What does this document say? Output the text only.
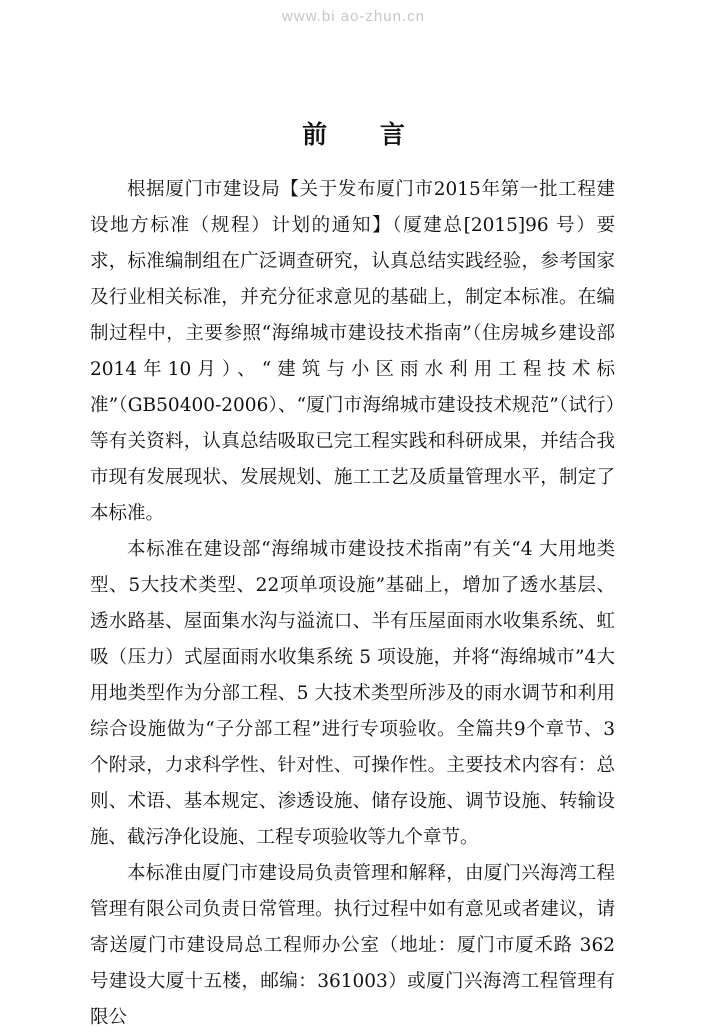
www.bi ao-zhun.cn
前 言

根据厦门市建设局【关于发布厦门市2015年第一批工程建设地方标准（规程）计划的通知】（厦建总[2015]96 号）要求，标准编制组在广泛调查研究，认真总结实践经验，参考国家及行业相关标准，并充分征求意见的基础上，制定本标准。在编制过程中，主要参照“海绵城市建设技术指南”（住房城乡建设部 2014年10月）、“建筑与小区雨水利用工程技术标准”（GB50400-2006）、“厦门市海绵城市建设技术规范”（试行）等有关资料，认真总结吸取已完工程实践和科研成果，并结合我市现有发展现状、发展规划、施工工艺及质量管理水平，制定了本标准。

本标准在建设部“海绵城市建设技术指南”有关“4 大用地类型、5大技术类型、22项单项设施”基础上，增加了透水基层、透水路基、屋面集水沟与溢流口、半有压屋面雨水收集系统、虹吸（压力）式屋面雨水收集系统 5 项设施，并将“海绵城市”4大用地类型作为分部工程、5 大技术类型所涉及的雨水调节和利用综合设施做为“子分部工程”进行专项验收。全篇共9个章节、3 个附录，力求科学性、针对性、可操作性。主要技术内容有：总则、术语、基本规定、渗透设施、储存设施、调节设施、转输设施、截污净化设施、工程专项验收等九个章节。

本标准由厦门市建设局负责管理和解释，由厦门兴海湾工程管理有限公司负责日常管理。执行过程中如有意见或者建议，请寄送厦门市建设局总工程师办公室（地址：厦门市厦禾路 362 号建设大厦十五楼，邮编：361003）或厦门兴海湾工程管理有限公
